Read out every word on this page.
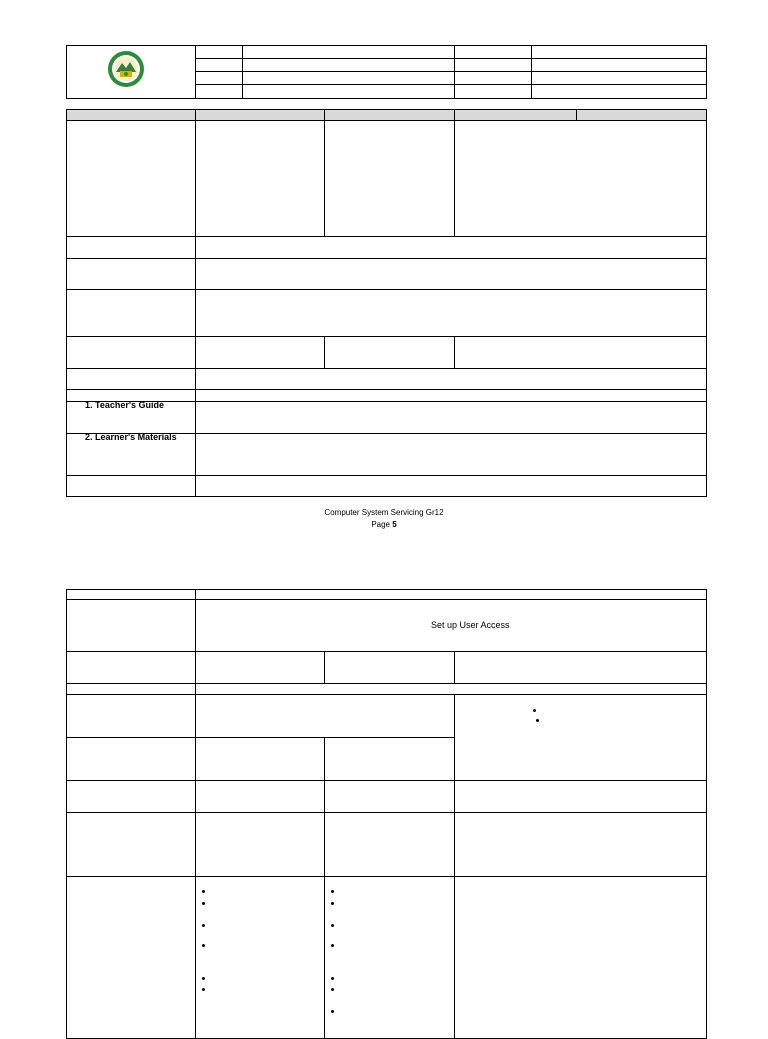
1. Teacher's Guide
2. Learner's Materials
Computer System Servicing Gr12
Page 5
Set up User Access
